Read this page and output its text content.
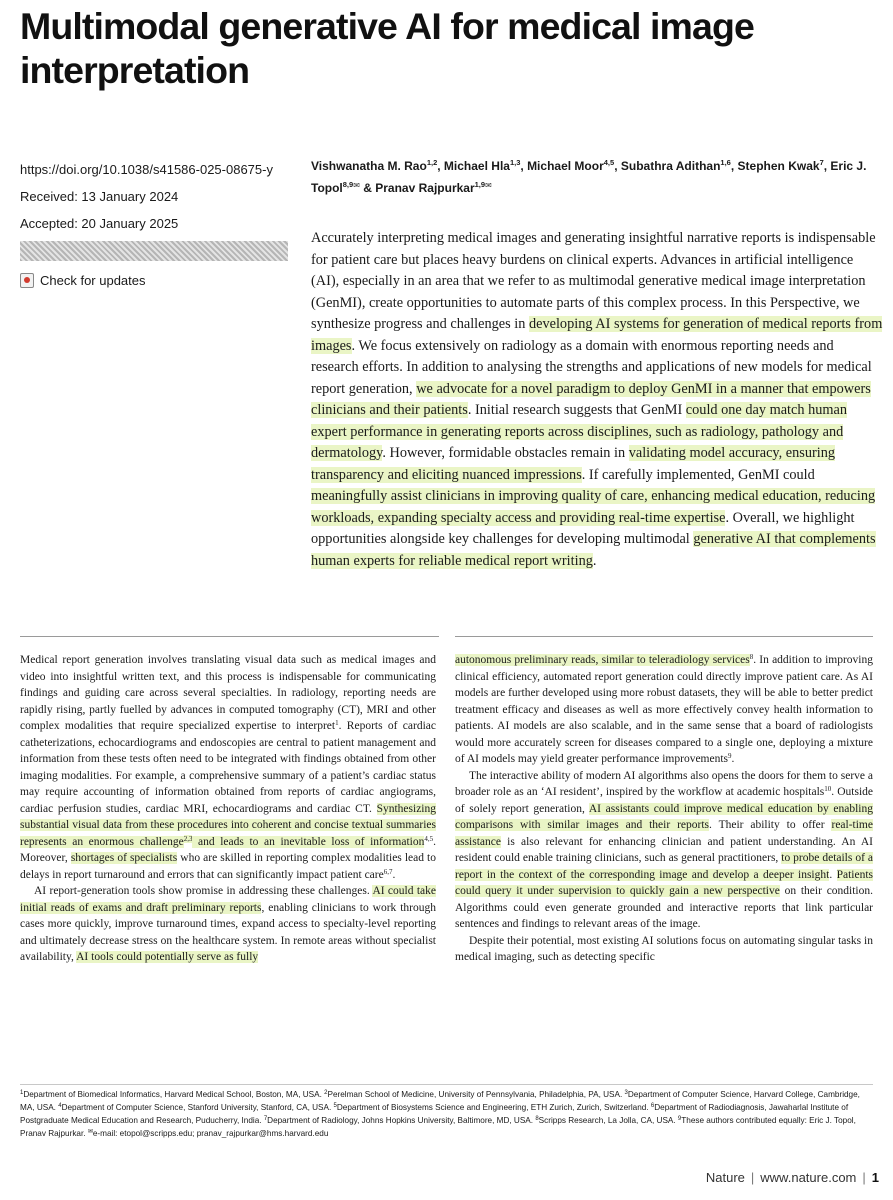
Multimodal generative AI for medical image interpretation
https://doi.org/10.1038/s41586-025-08675-y
Received: 13 January 2024
Accepted: 20 January 2025
Check for updates
Vishwanatha M. Rao$^{1,2}$, Michael Hla$^{1,3}$, Michael Moor$^{4,5}$, Subathra Adithan$^{1,6}$, Stephen Kwak$^7$, Eric J. Topol$^{8,9✉}$ & Pranav Rajpurkar$^{1,9✉}$

Accurately interpreting medical images and generating insightful narrative reports is indispensable for patient care but places heavy burdens on clinical experts. Advances in artificial intelligence (AI), especially in an area that we refer to as multimodal generative medical image interpretation (GenMI), create opportunities to automate parts of this complex process. In this Perspective, we synthesize progress and challenges in developing AI systems for generation of medical reports from images. We focus extensively on radiology as a domain with enormous reporting needs and research efforts. In addition to analysing the strengths and applications of new models for medical report generation, we advocate for a novel paradigm to deploy GenMI in a manner that empowers clinicians and their patients. Initial research suggests that GenMI could one day match human expert performance in generating reports across disciplines, such as radiology, pathology and dermatology. However, formidable obstacles remain in validating model accuracy, ensuring transparency and eliciting nuanced impressions. If carefully implemented, GenMI could meaningfully assist clinicians in improving quality of care, enhancing medical education, reducing workloads, expanding specialty access and providing real-time expertise. Overall, we highlight opportunities alongside key challenges for developing multimodal generative AI that complements human experts for reliable medical report writing.

Medical report generation involves translating visual data such as medical images and video into insightful written text, and this process is indispensable for communicating findings and guiding care across several specialties. In radiology, reporting needs are rapidly rising, partly fuelled by advances in computed tomography (CT), MRI and other complex modalities that require specialized expertise to interpret$^1$. Reports of cardiac catheterizations, echocardiograms and endoscopies are central to patient management and information from these tests often need to be integrated with findings obtained from other imaging modalities. For example, a comprehensive summary of a patient’s cardiac status may require accounting of information obtained from reports of cardiac angiograms, cardiac perfusion studies, cardiac MRI, echocardiograms and cardiac CT. Synthesizing substantial visual data from these procedures into coherent and concise textual summaries represents an enormous challenge$^{2,3}$ and leads to an inevitable loss of information$^{4,5}$. Moreover, shortages of specialists who are skilled in reporting complex modalities lead to delays in report turnaround and errors that can significantly impact patient care$^{6,7}$.

AI report-generation tools show promise in addressing these challenges. AI could take initial reads of exams and draft preliminary reports, enabling clinicians to work through cases more quickly, improve turnaround times, expand access to specialty-level reporting and ultimately decrease stress on the healthcare system. In remote areas without specialist availability, AI tools could potentially serve as fully

autonomous preliminary reads, similar to teleradiology services$^8$. In addition to improving clinical efficiency, automated report generation could directly improve patient care. As AI models are further developed using more robust datasets, they will be able to better predict treatment efficacy and diseases as well as more effectively convey health information to patients. AI models are also scalable, and in the same sense that a board of radiologists would more accurately screen for diseases compared to a single one, deploying a mixture of AI models may yield greater performance improvements$^9$.

The interactive ability of modern AI algorithms also opens the doors for them to serve a broader role as an ‘AI resident’, inspired by the workflow at academic hospitals$^{10}$. Outside of solely report generation, AI assistants could improve medical education by enabling comparisons with similar images and their reports. Their ability to offer real-time assistance is also relevant for enhancing clinician and patient understanding. An AI resident could enable training clinicians, such as general practitioners, to probe details of a report in the context of the corresponding image and develop a deeper insight. Patients could query it under supervision to quickly gain a new perspective on their condition. Algorithms could even generate grounded and interactive reports that link particular sentences and findings to relevant areas of the image.

Despite their potential, most existing AI solutions focus on automating singular tasks in medical imaging, such as detecting specific

$^1$Department of Biomedical Informatics, Harvard Medical School, Boston, MA, USA. $^2$Perelman School of Medicine, University of Pennsylvania, Philadelphia, PA, USA. $^3$Department of Computer Science, Harvard College, Cambridge, MA, USA. $^4$Department of Computer Science, Stanford University, Stanford, CA, USA. $^5$Department of Biosystems Science and Engineering, ETH Zurich, Zurich, Switzerland. $^6$Department of Radiodiagnosis, Jawaharlal Institute of Postgraduate Medical Education and Research, Puducherry, India. $^7$Department of Radiology, Johns Hopkins University, Baltimore, MD, USA. $^8$Scripps Research, La Jolla, CA, USA. $^9$These authors contributed equally: Eric J. Topol, Pranav Rajpurkar. ✉e-mail: etopol@scripps.edu; pranav_rajpurkar@hms.harvard.edu

Nature | www.nature.com | 1
